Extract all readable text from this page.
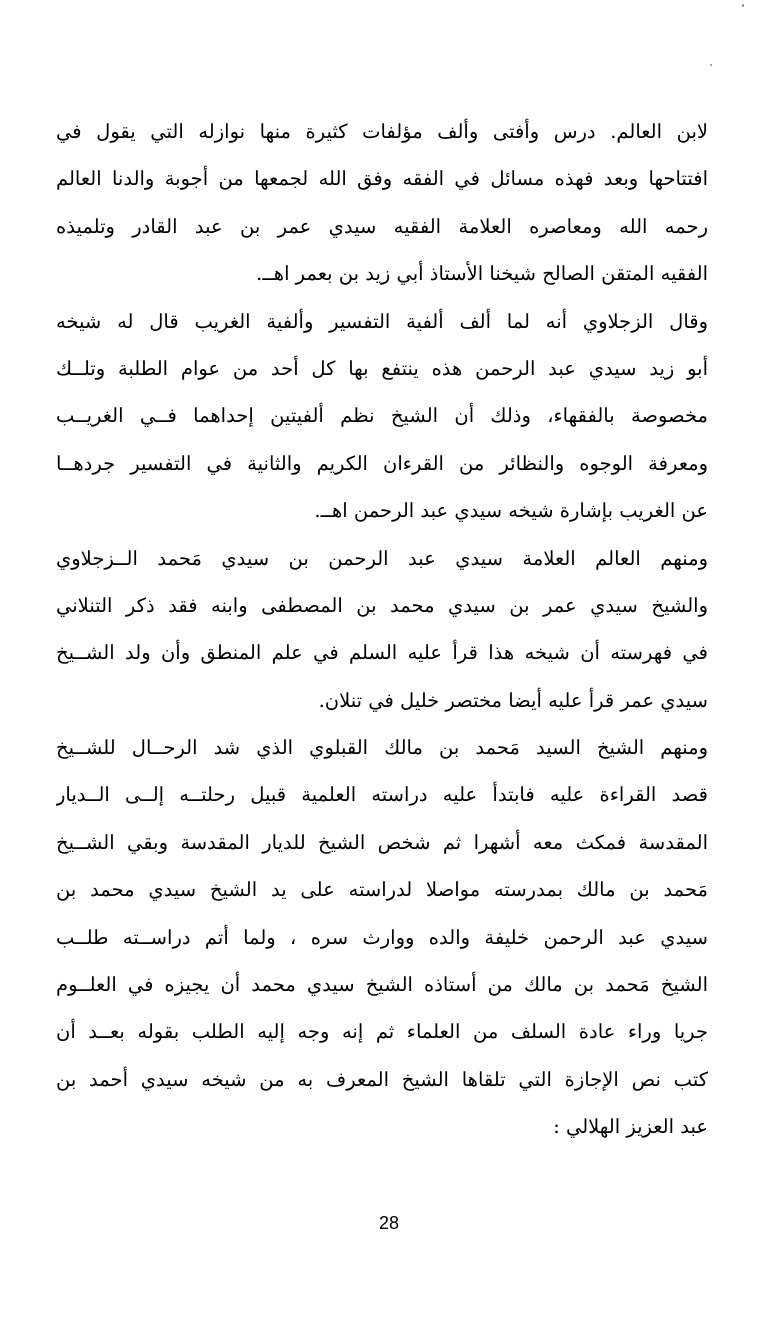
لابن العالم. درس وأفتى وألف مؤلفات كثيرة منها نوازله التي يقول في
افتتاحها وبعد فهذه مسائل في الفقه وفق الله لجمعها من أجوبة والدنا العالم
رحمه الله ومعاصره العلامة الفقيه سيدي عمر بن عبد القادر وتلميذه
الفقيه المتقن الصالح شيخنا الأستاذ أبي زيد بن بعمر اهــ.
وقال الزجلاوي أنه لما ألف ألفية التفسير وألفية الغريب قال له شيخه
أبو زيد سيدي عبد الرحمن هذه ينتفع بها كل أحد من عوام الطلبة وتلــك
مخصوصة بالفقهاء، وذلك أن الشيخ نظم ألفيتين إحداهما فــي الغريــب
ومعرفة الوجوه والنظائر من القرءان الكريم والثانية في التفسير جردهــا
عن الغريب بإشارة شيخه سيدي عبد الرحمن اهــ.
ومنهم العالم العلامة سيدي عبد الرحمن بن سيدي مَحمد الــزجلاوي
والشيخ سيدي عمر بن سيدي محمد بن المصطفى وابنه فقد ذكر التنلاني
في فهرسته أن شيخه هذا قرأ عليه السلم في علم المنطق وأن ولد الشــيخ
سيدي عمر قرأ عليه أيضا مختصر خليل في تنلان.
ومنهم الشيخ السيد مَحمد بن مالك القبلوي الذي شد الرحــال للشــيخ
قصد القراءة عليه فابتدأ عليه دراسته العلمية قبيل رحلتــه إلــى الــديار
المقدسة فمكث معه أشهرا ثم شخص الشيخ للديار المقدسة وبقي الشــيخ
مَحمد بن مالك بمدرسته مواصلا لدراسته على يد الشيخ سيدي محمد بن
سيدي عبد الرحمن خليفة والده ووارث سره ، ولما أتم دراســته طلــب
الشيخ مَحمد بن مالك من أستاذه الشيخ سيدي محمد أن يجيزه في العلــوم
جريا وراء عادة السلف من العلماء ثم إنه وجه إليه الطلب بقوله بعــد أن
كتب نص الإجازة التي تلقاها الشيخ المعرف به من شيخه سيدي أحمد بن
عبد العزيز الهلالي :
28
